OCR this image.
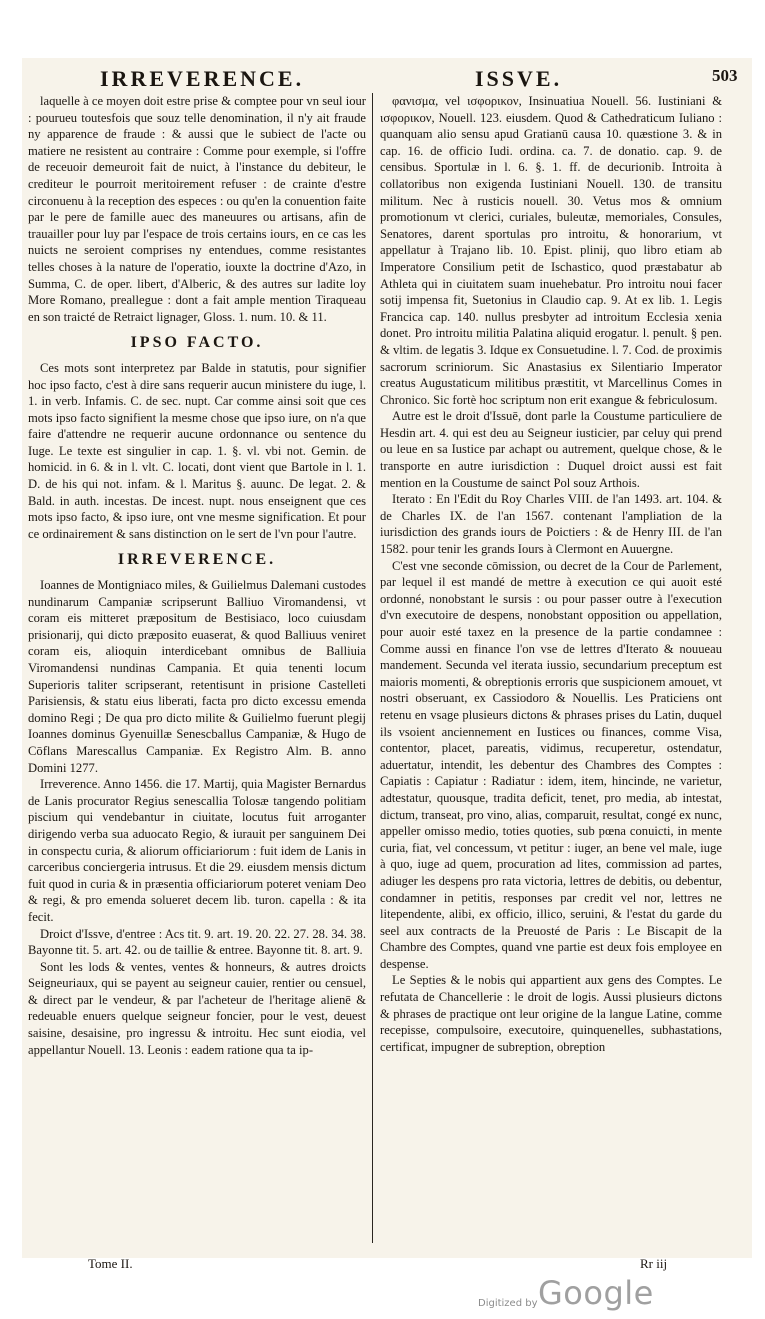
IRREVERENCE.	ISSVE.	503

laquelle à ce moyen doit estre prise & comptee pour vn seul iour : pourueu toutesfois que souz telle denomination, il n'y ait fraude ny apparence de fraude : & aussi que le subiect de l'acte ou matiere ne resistent au contraire : Comme pour exemple, si l'offre de receuoir demeuroit fait de nuict, à l'instance du debiteur, le crediteur le pourroit meritoirement refuser : de crainte d'estre circonuenu à la reception des especes : ou qu'en la conuention faite par le pere de famille auec des maneuures ou artisans, afin de trauailler pour luy par l'espace de trois certains iours, en ce cas les nuicts ne seroient comprises ny entendues, comme resistantes telles choses à la nature de l'operatio, iouxte la doctrine d'Azo, in Summa, C. de oper. libert, d'Alberic, & des autres sur ladite loy More Romano, preallegue : dont a fait ample mention Tiraqueau en son traicté de Retraict lignager, Gloss. 1. num. 10. & 11.

IPSO FACTO.

Ces mots sont interpretez par Balde in statutis, pour signifier hoc ipso facto, c'est à dire sans requerir aucun ministere du iuge, l. 1. in verb. Infamis. C. de sec. nupt. Car comme ainsi soit que ces mots ipso facto signifient la mesme chose que ipso iure, on n'a que faire d'attendre ne requerir aucune ordonnance ou sentence du Iuge. Le texte est singulier in cap. 1. §. vl. vbi not. Gemin. de homicid. in 6. & in l. vlt. C. locati, dont vient que Bartole in l. 1. D. de his qui not. infam. & l. Maritus §. auunc. De legat. 2. & Bald. in auth. incestas. De incest. nupt. nous enseignent que ces mots ipso facto, & ipso iure, ont vne mesme signification. Et pour ce ordinairement & sans distinction on le sert de l'vn pour l'autre.

IRREVERENCE.

Ioannes de Montigniaco miles, & Guilielmus Dalemani custodes nundinarum Campaniæ scripserunt Balliuo Viromandensi, vt coram eis mitteret præpositum de Bestisiaco, loco cuiusdam prisionarij, qui dicto præposito euaserat, & quod Balliuus veniret coram eis, alioquin interdicebant omnibus de Balliuia Viromandensi nundinas Campania. Et quia tenenti locum Superioris taliter scripserant, retentisunt in prisione Castelleti Parisiensis, & statu eius liberati, facta pro dicto excessu emenda domino Regi ; De qua pro dicto milite & Guilielmo fuerunt plegij Ioannes dominus Gyenuillæ Senescballus Campaniæ, & Hugo de Cōflans Marescallus Campaniæ. Ex Registro Alm. B. anno Domini 1277.

Irreverence. Anno 1456. die 17. Martij, quia Magister Bernardus de Lanis procurator Regius senescallia Tolosæ tangendo politiam piscium qui vendebantur in ciuitate, locutus fuit arroganter dirigendo verba sua aduocato Regio, & iurauit per sanguinem Dei in conspectu curia, & aliorum officiariorum : fuit idem de Lanis in carceribus conciergeria intrusus. Et die 29. eiusdem mensis dictum fuit quod in curia & in præsentia officiariorum poteret veniam Deo & regi, & pro emenda solueret decem lib. turon. capella : & ita fecit.

Droict d'Issve, d'entree : Acs tit. 9. art. 19. 20. 22. 27. 28. 34. 38. Bayonne tit. 5. art. 42. ou de taillie & entree. Bayonne tit. 8. art. 9.

Sont les lods & ventes, ventes & honneurs, & autres droicts Seigneuriaux, qui se payent au seigneur cauier, rentier ou censuel, & direct par le vendeur, & par l'acheteur de l'heritage alienē & redeuable enuers quelque seigneur foncier, pour le vest, deuest saisine, desaisine, pro ingressu & introitu. Hec sunt eiodia, vel appellantur Nouell. 13. Leonis : eadem ratione qua ta ip-

φανισμα, vel ισφορικον, Insinuatiua Nouell. 56. Iustiniani & ισφορικον, Nouell. 123. eiusdem. Quod & Cathedraticum Iuliano : quanquam alio sensu apud Gratianū causa 10. quæstione 3. & in cap. 16. de officio Iudi. ordina. ca. 7. de donatio. cap. 9. de censibus. Sportulæ in l. 6. §. 1. ff. de decurionib. Introita à collatoribus non exigenda Iustiniani Nouell. 130. de transitu militum. Nec à rusticis nouell. 30. Vetus mos & omnium promotionum vt clerici, curiales, buleutæ, memoriales, Consules, Senatores, darent sportulas pro introitu, & honorarium, vt appellatur à Trajano lib. 10. Epist. plinij, quo libro etiam ab Imperatore Consilium petit de Ischastico, quod præstabatur ab Athleta qui in ciuitatem suam inuehebatur. Pro introitu noui facer sotij impensa fit, Suetonius in Claudio cap. 9. At ex lib. 1. Legis Francica cap. 140. nullus presbyter ad introitum Ecclesia xenia donet. Pro introitu militia Palatina aliquid erogatur. l. penult. § pen. & vltim. de legatis 3. Idque ex Consuetudine. l. 7. Cod. de proximis sacrorum scriniorum. Sic Anastasius ex Silentiario Imperator creatus Augustaticum militibus præstitit, vt Marcellinus Comes in Chronico. Sic fortè hoc scriptum non erit exangue & febriculosum.

Autre est le droit d'Issuē, dont parle la Coustume particuliere de Hesdin art. 4. qui est deu au Seigneur iusticier, par celuy qui prend ou leue en sa Iustice par achapt ou autrement, quelque chose, & le transporte en autre iurisdiction : Duquel droict aussi est fait mention en la Coustume de sainct Pol souz Arthois.

Iterato : En l'Edit du Roy Charles VIII. de l'an 1493. art. 104. & de Charles IX. de l'an 1567. contenant l'ampliation de la iurisdiction des grands iours de Poictiers : & de Henry III. de l'an 1582. pour tenir les grands Iours à Clermont en Auuergne.

C'est vne seconde cōmission, ou decret de la Cour de Parlement, par lequel il est mandé de mettre à execution ce qui auoit esté ordonné, nonobstant le sursis : ou pour passer outre à l'execution d'vn executoire de despens, nonobstant opposition ou appellation, pour auoir esté taxez en la presence de la partie condamnee : Comme aussi en finance l'on vse de lettres d'Iterato & nouueau mandement. Secunda vel iterata iussio, secundarium preceptum est maioris momenti, & obreptionis erroris que suspicionem amouet, vt nostri obseruant, ex Cassiodoro & Nouellis. Les Praticiens ont retenu en vsage plusieurs dictons & phrases prises du Latin, duquel ils vsoient anciennement en Iustices ou finances, comme Visa, contentor, placet, pareatis, vidimus, recuperetur, ostendatur, aduertatur, intendit, les debentur des Chambres des Comptes : Capiatis : Capiatur : Radiatur : idem, item, hincinde, ne varietur, adtestatur, quousque, tradita deficit, tenet, pro media, ab intestat, dictum, transeat, pro vino, alias, comparuit, resultat, congé ex nunc, appeller omisso medio, toties quoties, sub pœna conuicti, in mente curia, fiat, vel concessum, vt petitur : iuger, an bene vel male, iuge à quo, iuge ad quem, procuration ad lites, commission ad partes, adiuger les despens pro rata victoria, lettres de debitis, ou debentur, condamner in petitis, responses par credit vel nor, lettres ne litependente, alibi, ex officio, illico, seruini, & l'estat du garde du seel aux contracts de la Preuosté de Paris : Le Biscapit de la Chambre des Comptes, quand vne partie est deux fois employee en despense.

Le Septies & le nobis qui appartient aux gens des Comptes. Le refutata de Chancellerie : le droit de logis. Aussi plusieurs dictons & phrases de practique ont leur origine de la langue Latine, comme recepisse, compulsoire, executoire, quinquenelles, subhastations, certificat, impugner de subreption, obreption

Tome II.	Rr iij
Digitized by Google
